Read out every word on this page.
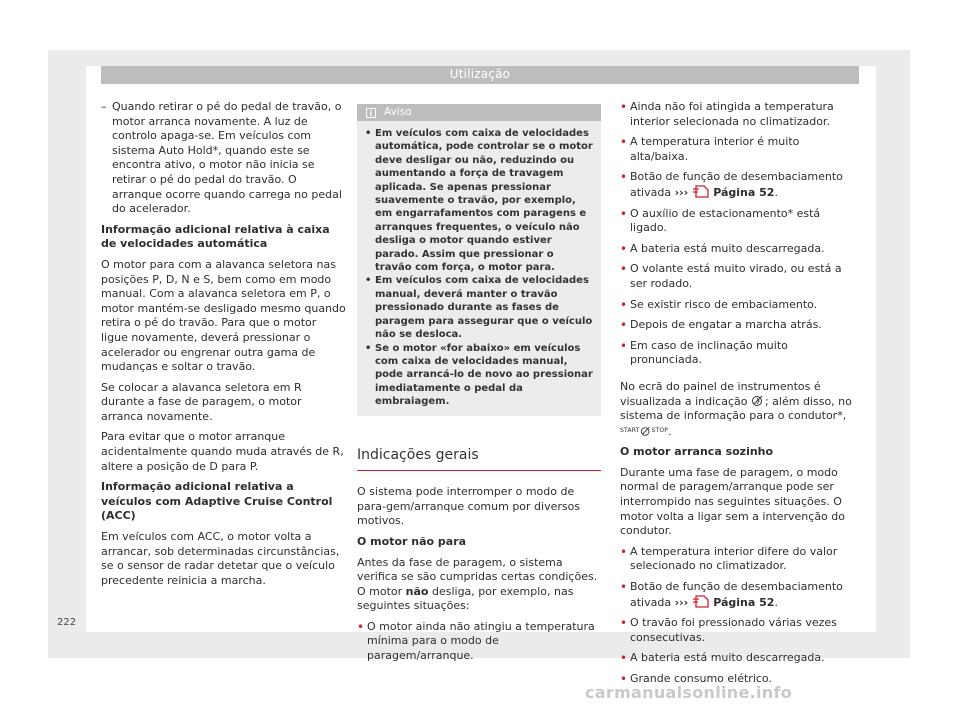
Utilização
– Quando retirar o pé do pedal de travão, o motor arranca novamente. A luz de controlo apaga-se. Em veículos com sistema Auto Hold*, quando este se encontra ativo, o motor não inicia se retirar o pé do pedal do travão. O arranque ocorre quando carrega no pedal do acelerador.

Informação adicional relativa à caixa de velocidades automática

O motor para com a alavanca seletora nas posições P, D, N e S, bem como em modo manual. Com a alavanca seletora em P, o motor mantém-se desligado mesmo quando retira o pé do travão. Para que o motor ligue novamente, deverá pressionar o acelerador ou engrenar outra gama de mudanças e soltar o travão.

Se colocar a alavanca seletora em R durante a fase de paragem, o motor arranca novamente.

Para evitar que o motor arranque acidentalmente quando muda através de R, altere a posição de D para P.

Informação adicional relativa a veículos com Adaptive Cruise Control (ACC)

Em veículos com ACC, o motor volta a arrancar, sob determinadas circunstâncias, se o sensor de radar detetar que o veículo precedente reinicia a marcha.

Aviso
• Em veículos com caixa de velocidades automática, pode controlar se o motor deve desligar ou não, reduzindo ou aumentando a força de travagem aplicada. Se apenas pressionar suavemente o travão, por exemplo, em engarrafamentos com paragens e arranques frequentes, o veículo não desliga o motor quando estiver parado. Assim que pressionar o travão com força, o motor para.
• Em veículos com caixa de velocidades manual, deverá manter o travão pressionado durante as fases de paragem para assegurar que o veículo não se desloca.
• Se o motor «for abaixo» em veículos com caixa de velocidades manual, pode arrancá-lo de novo ao pressionar imediatamente o pedal da embraiagem.
Indicações gerais

O sistema pode interromper o modo de para-gem/arranque comum por diversos motivos.

O motor não para

Antes da fase de paragem, o sistema verifica se são cumpridas certas condições. O motor não desliga, por exemplo, nas seguintes situações:

• O motor ainda não atingiu a temperatura mínima para o modo de paragem/arranque.
• Ainda não foi atingida a temperatura interior selecionada no climatizador.
• A temperatura interior é muito alta/baixa.
• Botão de função de desembaciamento ativada ››› Página 52.
• O auxílio de estacionamento* está ligado.
• A bateria está muito descarregada.
• O volante está muito virado, ou está a ser rodado.
• Se existir risco de embaciamento.
• Depois de engatar a marcha atrás.
• Em caso de inclinação muito pronunciada.

No ecrã do painel de instrumentos é visualizada a indicação ; além disso, no sistema de informação para o condutor*, $^{START}$ $^{STOP}$.

O motor arranca sozinho

Durante uma fase de paragem, o modo normal de paragem/arranque pode ser interrompido nas seguintes situações. O motor volta a ligar sem a intervenção do condutor.

• A temperatura interior difere do valor selecionado no climatizador.
• Botão de função de desembaciamento ativada ››› Página 52.
• O travão foi pressionado várias vezes consecutivas.
• A bateria está muito descarregada.
• Grande consumo elétrico.
222
carmanualsonline.info
